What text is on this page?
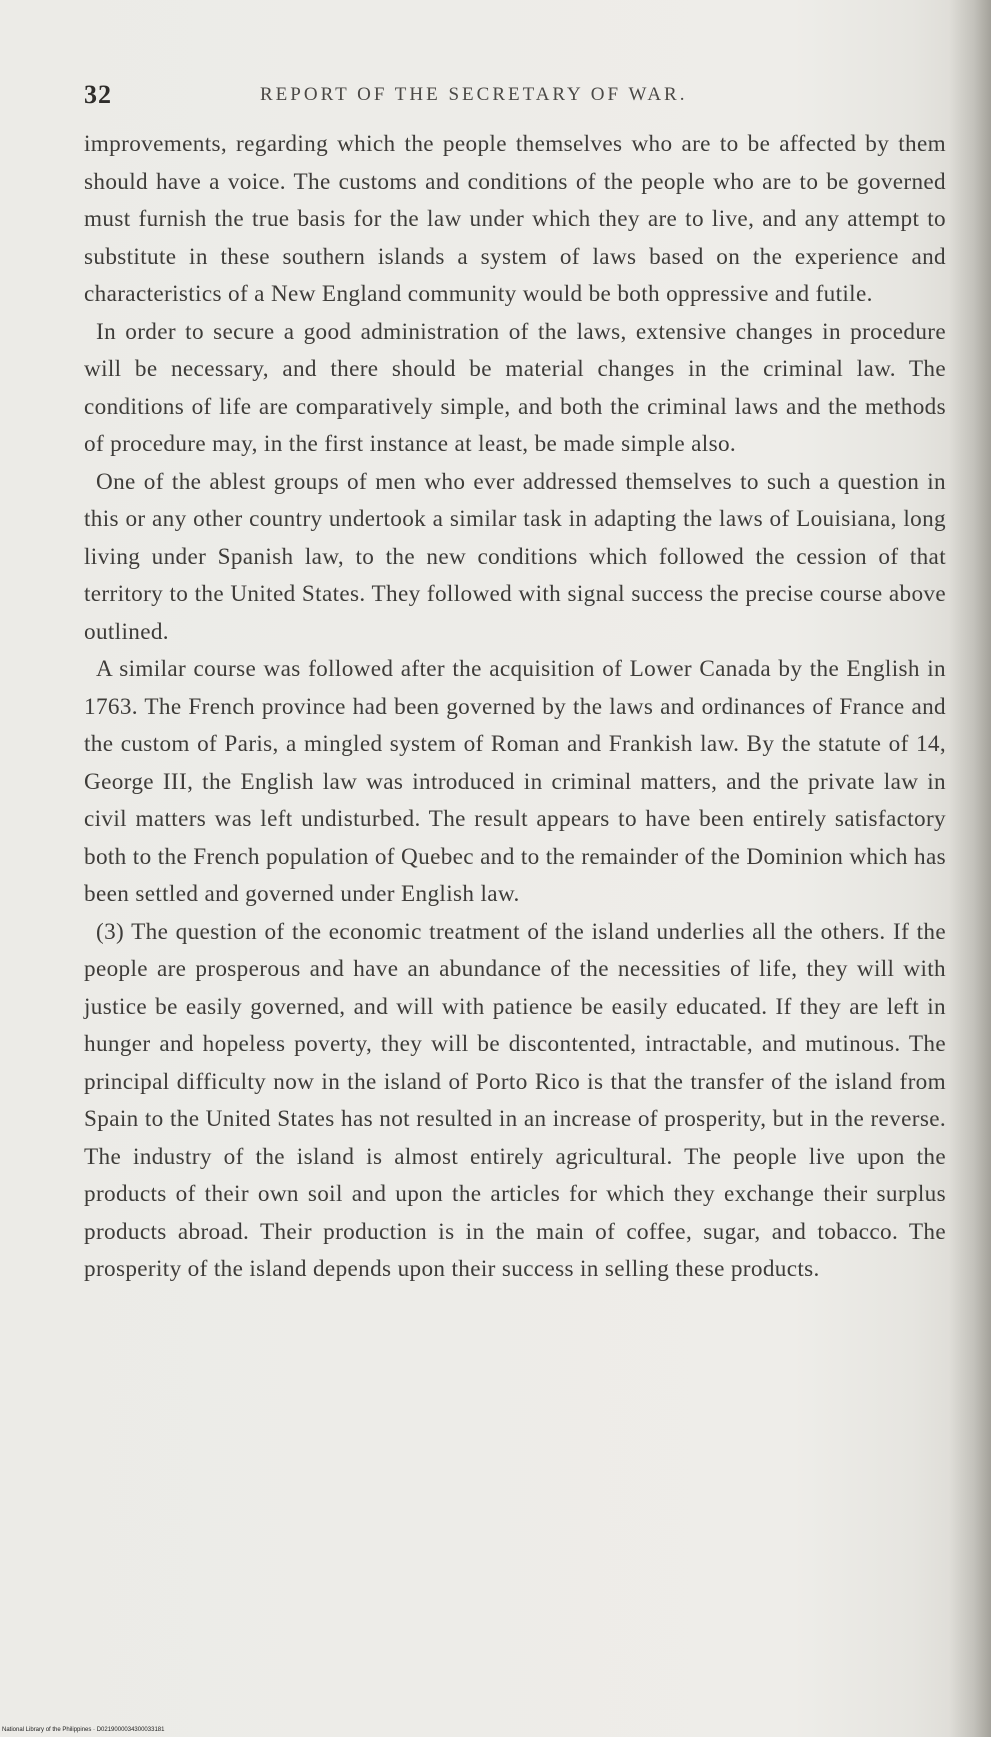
32	REPORT OF THE SECRETARY OF WAR.

improvements, regarding which the people themselves who are to be affected by them should have a voice. The customs and conditions of the people who are to be governed must furnish the true basis for the law under which they are to live, and any attempt to substitute in these southern islands a system of laws based on the experience and characteristics of a New England community would be both oppressive and futile.

In order to secure a good administration of the laws, extensive changes in procedure will be necessary, and there should be material changes in the criminal law. The conditions of life are comparatively simple, and both the criminal laws and the methods of procedure may, in the first instance at least, be made simple also.

One of the ablest groups of men who ever addressed themselves to such a question in this or any other country undertook a similar task in adapting the laws of Louisiana, long living under Spanish law, to the new conditions which followed the cession of that territory to the United States. They followed with signal success the precise course above outlined.

A similar course was followed after the acquisition of Lower Canada by the English in 1763. The French province had been governed by the laws and ordinances of France and the custom of Paris, a mingled system of Roman and Frankish law. By the statute of 14, George III, the English law was introduced in criminal matters, and the private law in civil matters was left undisturbed. The result appears to have been entirely satisfactory both to the French population of Quebec and to the remainder of the Dominion which has been settled and governed under English law.

(3) The question of the economic treatment of the island underlies all the others. If the people are prosperous and have an abundance of the necessities of life, they will with justice be easily governed, and will with patience be easily educated. If they are left in hunger and hopeless poverty, they will be discontented, intractable, and mutinous. The principal difficulty now in the island of Porto Rico is that the transfer of the island from Spain to the United States has not resulted in an increase of prosperity, but in the reverse. The industry of the island is almost entirely agricultural. The people live upon the products of their own soil and upon the articles for which they exchange their surplus products abroad. Their production is in the main of coffee, sugar, and tobacco. The prosperity of the island depends upon their success in selling these products.

National Library of the Philippines · D0219000034300033181
